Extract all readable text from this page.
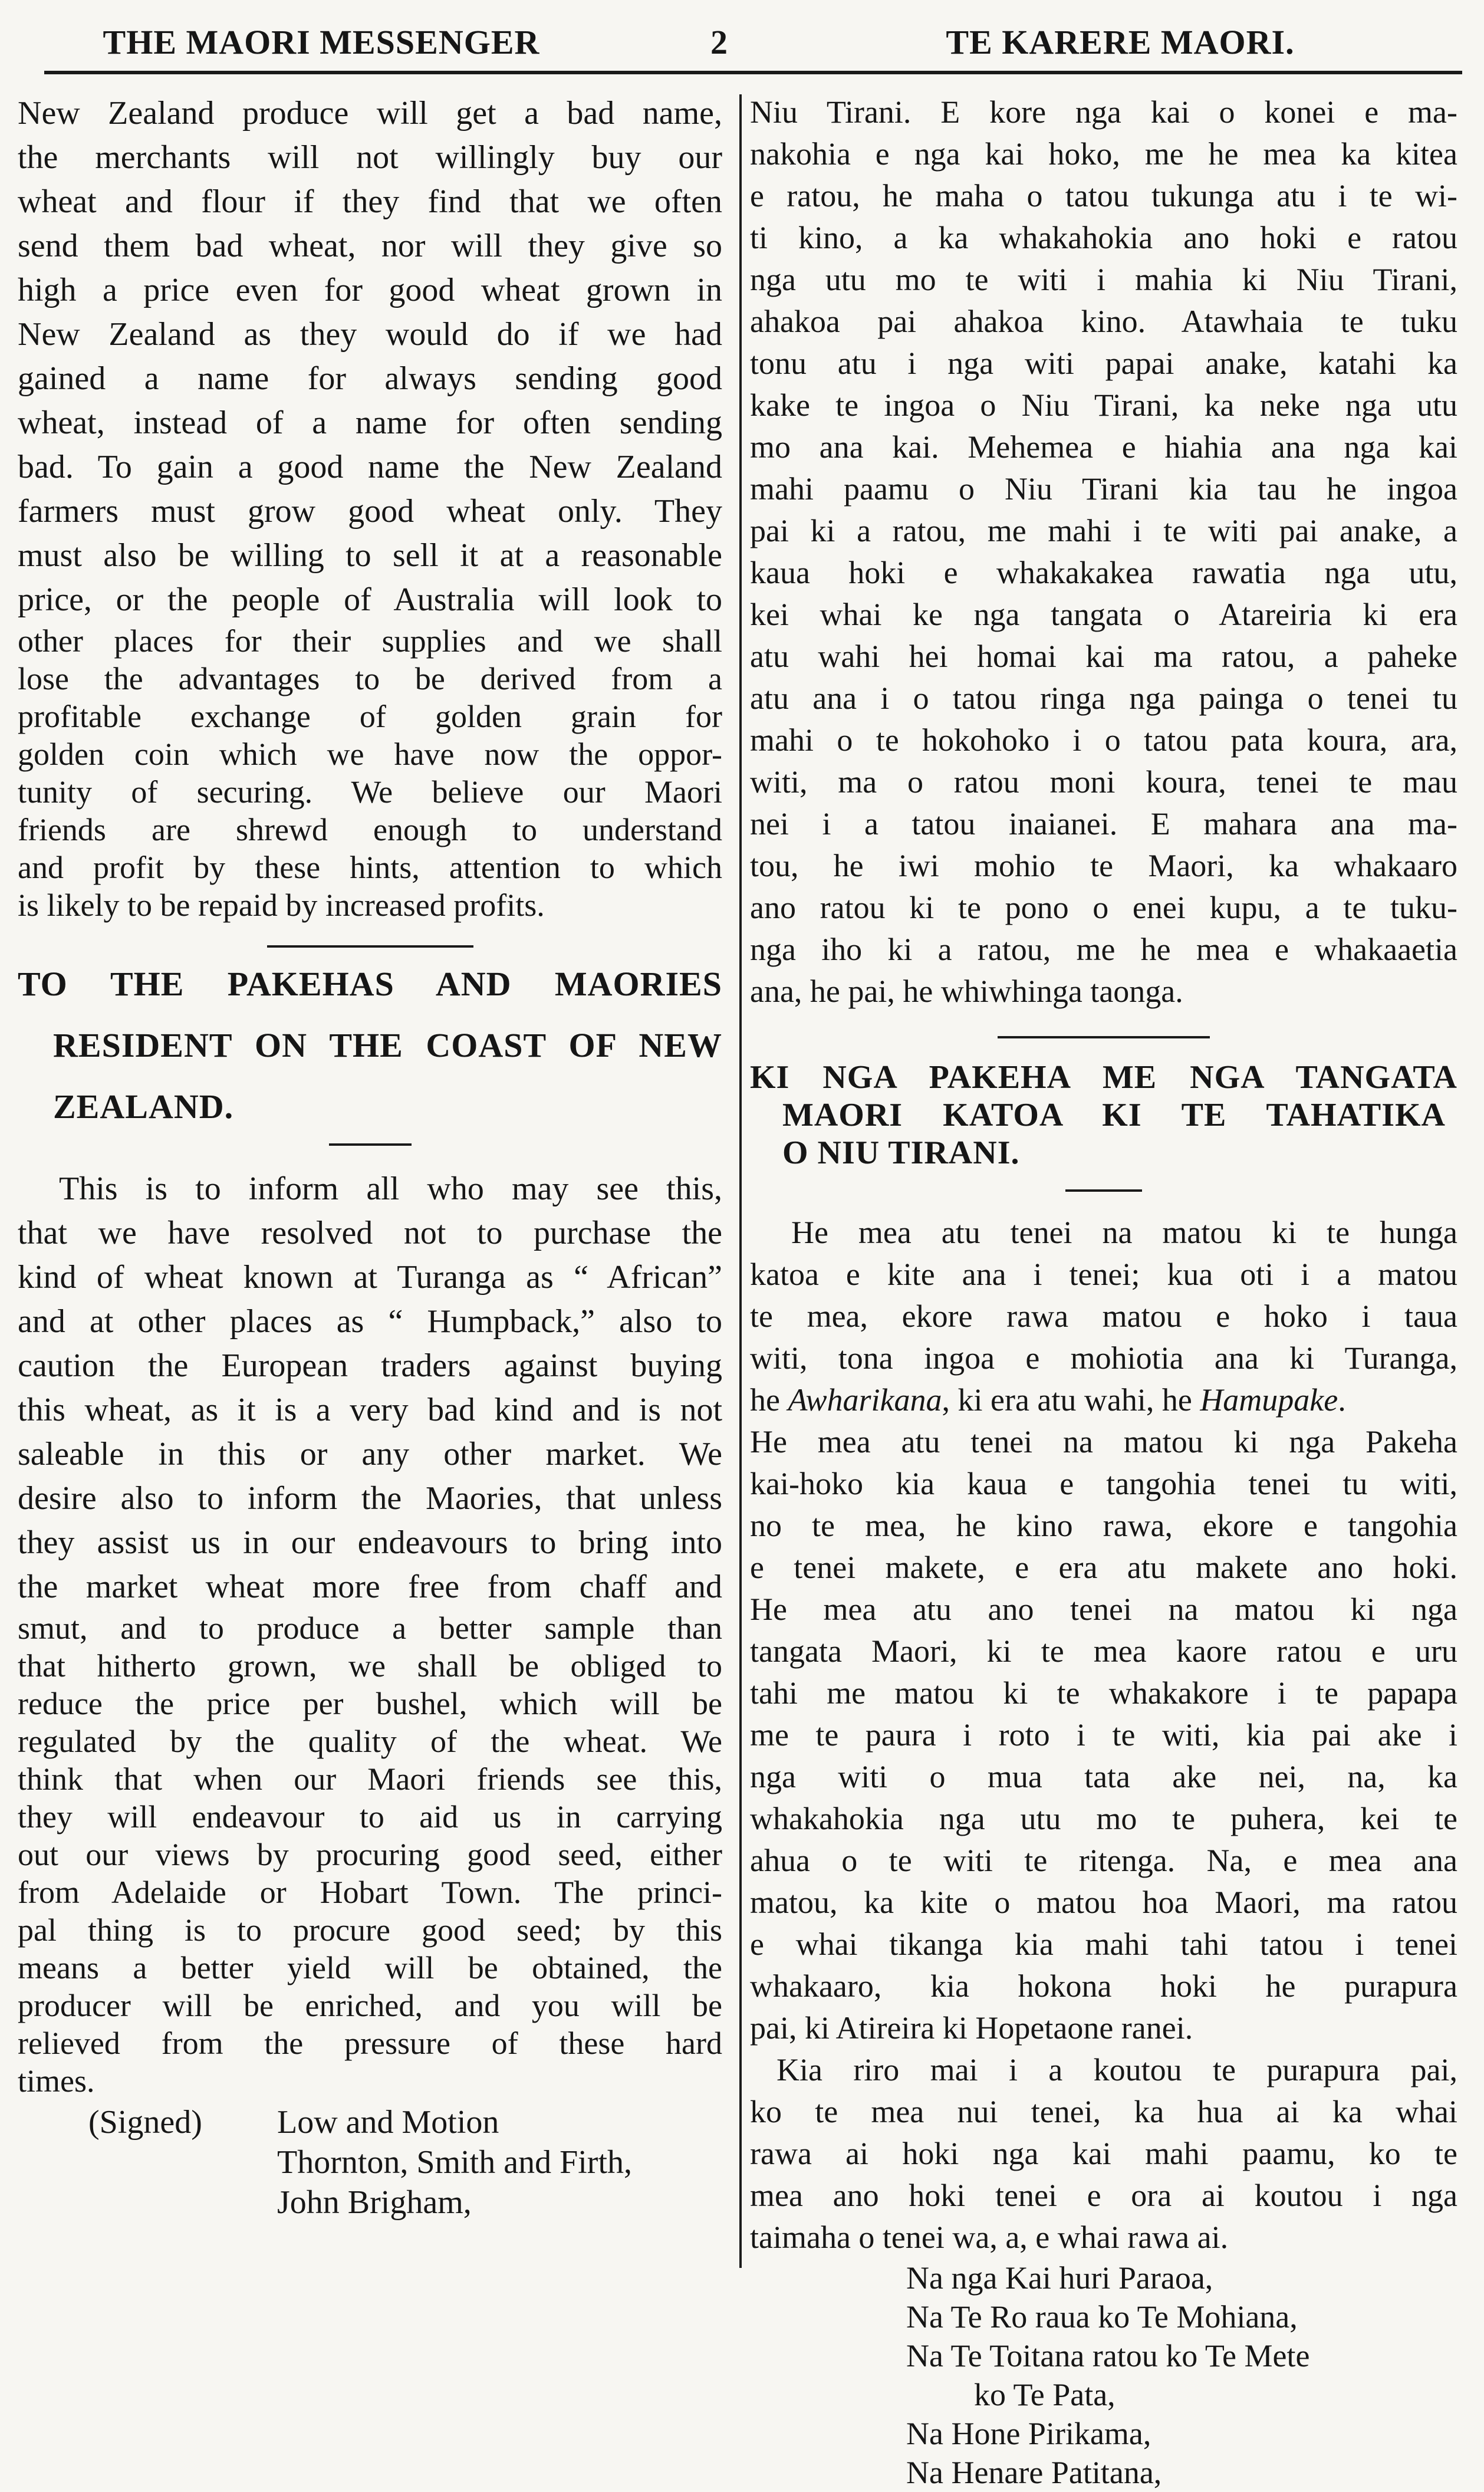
THE MAORI MESSENGER	2	TE KARERE MAORI.
New Zealand produce will get a bad name,
the merchants will not willingly buy our
wheat and flour if they find that we often
send them bad wheat, nor will they give so
high a price even for good wheat grown in
New Zealand as they would do if we had
gained a name for always sending good
wheat, instead of a name for often sending
bad. To gain a good name the New Zealand
farmers must grow good wheat only. They
must also be willing to sell it at a reasonable
price, or the people of Australia will look to
other places for their supplies and we shall
lose the advantages to be derived from a
profitable exchange of golden grain for
golden coin which we have now the oppor-
tunity of securing. We believe our Maori
friends are shrewd enough to understand
and profit by these hints, attention to which
is likely to be repaid by increased profits.
TO THE PAKEHAS AND MAORIES
RESIDENT ON THE COAST OF NEW
ZEALAND.
This is to inform all who may see this,
that we have resolved not to purchase the
kind of wheat known at Turanga as “ African”
and at other places as “ Humpback,” also to
caution the European traders against buying
this wheat, as it is a very bad kind and is not
saleable in this or any other market. We
desire also to inform the Maories, that unless
they assist us in our endeavours to bring into
the market wheat more free from chaff and
smut, and to produce a better sample than
that hitherto grown, we shall be obliged to
reduce the price per bushel, which will be
regulated by the quality of the wheat. We
think that when our Maori friends see this,
they will endeavour to aid us in carrying
out our views by procuring good seed, either
from Adelaide or Hobart Town. The princi-
pal thing is to procure good seed; by this
means a better yield will be obtained, the
producer will be enriched, and you will be
relieved from the pressure of these hard
times.
(Signed)	Low and Motion
Thornton, Smith and Firth,
John Brigham,
Niu Tirani. E kore nga kai o konei e ma-
nakohia e nga kai hoko, me he mea ka kitea
e ratou, he maha o tatou tukunga atu i te wi-
ti kino, a ka whakahokia ano hoki e ratou
nga utu mo te witi i mahia ki Niu Tirani,
ahakoa pai ahakoa kino. Atawhaia te tuku
tonu atu i nga witi papai anake, katahi ka
kake te ingoa o Niu Tirani, ka neke nga utu
mo ana kai. Mehemea e hiahia ana nga kai
mahi paamu o Niu Tirani kia tau he ingoa
pai ki a ratou, me mahi i te witi pai anake, a
kaua hoki e whakakakea rawatia nga utu,
kei whai ke nga tangata o Atareiria ki era
atu wahi hei homai kai ma ratou, a paheke
atu ana i o tatou ringa nga painga o tenei tu
mahi o te hokohoko i o tatou pata koura, ara,
witi, ma o ratou moni koura, tenei te mau
nei i a tatou inaianei. E mahara ana ma-
tou, he iwi mohio te Maori, ka whakaaro
ano ratou ki te pono o enei kupu, a te tuku-
nga iho ki a ratou, me he mea e whakaaetia
ana, he pai, he whiwhinga taonga.
KI NGA PAKEHA ME NGA TANGATA
MAORI KATOA KI TE TAHATIKA
O NIU TIRANI.
He mea atu tenei na matou ki te hunga
katoa e kite ana i tenei; kua oti i a matou
te mea, ekore rawa matou e hoko i taua
witi, tona ingoa e mohiotia ana ki Turanga,
he Awharikana, ki era atu wahi, he Hamupake.
He mea atu tenei na matou ki nga Pakeha
kai-hoko kia kaua e tangohia tenei tu witi,
no te mea, he kino rawa, ekore e tangohia
e tenei makete, e era atu makete ano hoki.
He mea atu ano tenei na matou ki nga
tangata Maori, ki te mea kaore ratou e uru
tahi me matou ki te whakakore i te papapa
me te paura i roto i te witi, kia pai ake i
nga witi o mua tata ake nei, na, ka
whakahokia nga utu mo te puhera, kei te
ahua o te witi te ritenga. Na, e mea ana
matou, ka kite o matou hoa Maori, ma ratou
e whai tikanga kia mahi tahi tatou i tenei
whakaaro, kia hokona hoki he purapura
pai, ki Atireira ki Hopetaone ranei.
Kia riro mai i a koutou te purapura pai,
ko te mea nui tenei, ka hua ai ka whai
rawa ai hoki nga kai mahi paamu, ko te
mea ano hoki tenei e ora ai koutou i nga
taimaha o tenei wa, a, e whai rawa ai.
Na nga Kai huri Paraoa,
Na Te Ro raua ko Te Mohiana,
Na Te Toitana ratou ko Te Mete
ko Te Pata,
Na Hone Pirikama,
Na Henare Patitana,
